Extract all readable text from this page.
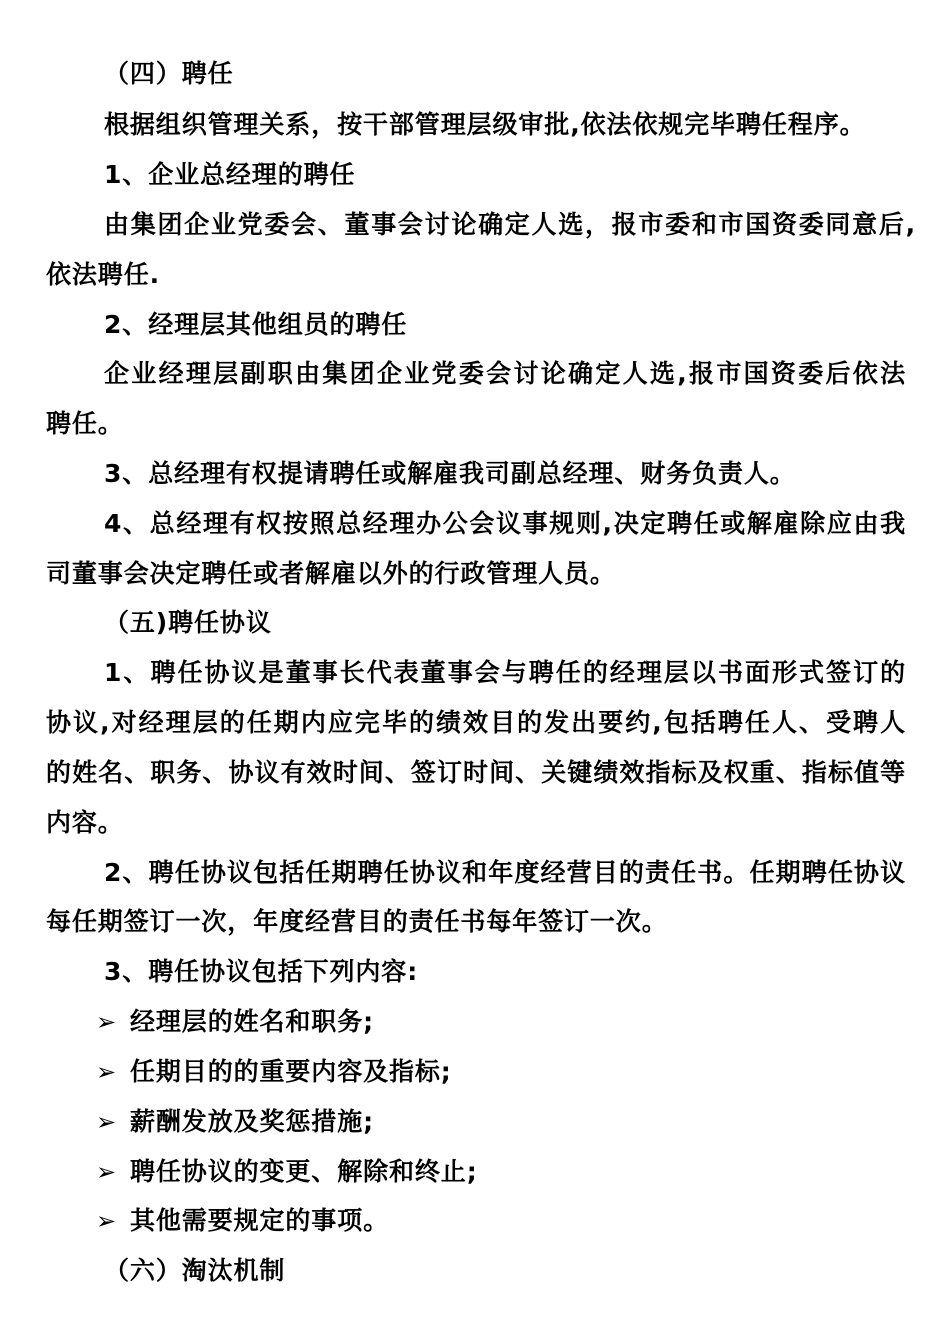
（四）聘任
根据组织管理关系，按干部管理层级审批,依法依规完毕聘任程序。
1、企业总经理的聘任
由集团企业党委会、董事会讨论确定人选，报市委和市国资委同意后,
依法聘任.
2、经理层其他组员的聘任
企业经理层副职由集团企业党委会讨论确定人选,报市国资委后依法
聘任。
3、总经理有权提请聘任或解雇我司副总经理、财务负责人。
4、总经理有权按照总经理办公会议事规则,决定聘任或解雇除应由我
司董事会决定聘任或者解雇以外的行政管理人员。
（五)聘任协议
1、聘任协议是董事长代表董事会与聘任的经理层以书面形式签订的
协议,对经理层的任期内应完毕的绩效目的发出要约,包括聘任人、受聘人
的姓名、职务、协议有效时间、签订时间、关键绩效指标及权重、指标值等
内容。
2、聘任协议包括任期聘任协议和年度经营目的责任书。任期聘任协议
每任期签订一次，年度经营目的责任书每年签订一次。
3、聘任协议包括下列内容:
➢ 经理层的姓名和职务;
➢ 任期目的的重要内容及指标;
➢ 薪酬发放及奖惩措施;
➢ 聘任协议的变更、解除和终止;
➢ 其他需要规定的事项。
（六）淘汰机制
